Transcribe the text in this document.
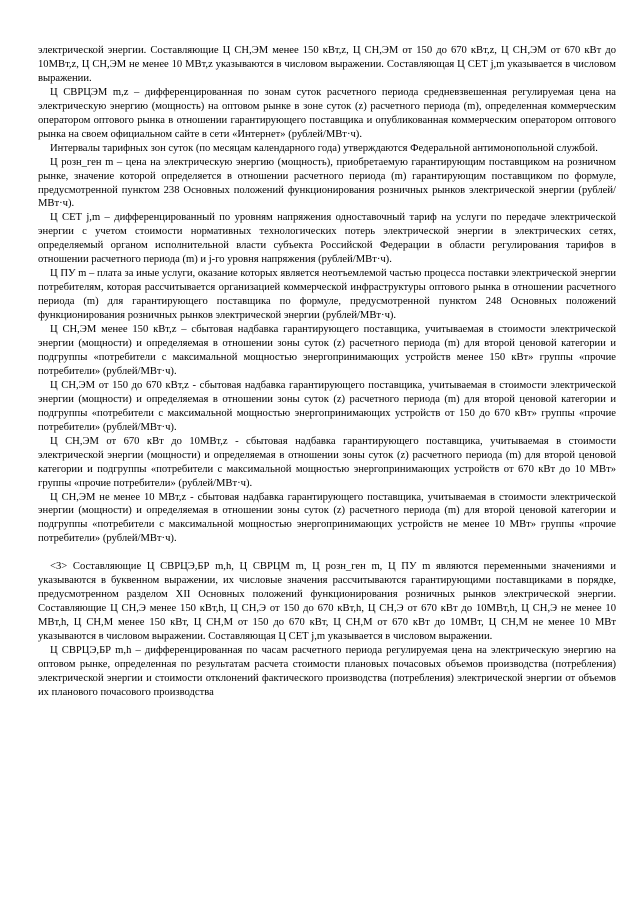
электрической энергии. Составляющие Ц СН,ЭМ менее 150 кВт,z, Ц СН,ЭМ от 150 до 670 кВт,z, Ц СН,ЭМ от 670 кВт до 10МВт,z, Ц СН,ЭМ не менее 10 МВт,z указываются в числовом выражении. Составляющая Ц СЕТ j,m указывается в числовом выражении.

Ц СВРЦЭМ m,z – дифференцированная по зонам суток расчетного периода средневзвешенная регулируемая цена на электрическую энергию (мощность) на оптовом рынке в зоне суток (z) расчетного периода (m), определенная коммерческим оператором оптового рынка в отношении гарантирующего поставщика и опубликованная коммерческим оператором оптового рынка на своем официальном сайте в сети «Интернет» (рублей/МВт·ч).

Интервалы тарифных зон суток (по месяцам календарного года) утверждаются Федеральной антимонопольной службой.

Ц розн_ген m – цена на электрическую энергию (мощность), приобретаемую гарантирующим поставщиком на розничном рынке, значение которой определяется в отношении расчетного периода (m) гарантирующим поставщиком по формуле, предусмотренной пунктом 238 Основных положений функционирования розничных рынков электрической энергии (рублей/МВт·ч).

Ц СЕТ j,m – дифференцированный по уровням напряжения одноставочный тариф на услуги по передаче электрической энергии с учетом стоимости нормативных технологических потерь электрической энергии в электрических сетях, определяемый органом исполнительной власти субъекта Российской Федерации в области регулирования тарифов в отношении расчетного периода (m) и j-го уровня напряжения (рублей/МВт·ч).

Ц ПУ m – плата за иные услуги, оказание которых является неотъемлемой частью процесса поставки электрической энергии потребителям, которая рассчитывается организацией коммерческой инфраструктуры оптового рынка в отношении расчетного периода (m) для гарантирующего поставщика по формуле, предусмотренной пунктом 248 Основных положений функционирования розничных рынков электрической энергии (рублей/МВт·ч).

Ц СН,ЭМ менее 150 кВт,z – сбытовая надбавка гарантирующего поставщика, учитываемая в стоимости электрической энергии (мощности) и определяемая в отношении зоны суток (z) расчетного периода (m) для второй ценовой категории и подгруппы «потребители с максимальной мощностью энергопринимающих устройств менее 150 кВт» группы «прочие потребители» (рублей/МВт·ч).

Ц СН,ЭМ от 150 до 670 кВт,z - сбытовая надбавка гарантирующего поставщика, учитываемая в стоимости электрической энергии (мощности) и определяемая в отношении зоны суток (z) расчетного периода (m) для второй ценовой категории и подгруппы «потребители с максимальной мощностью энергопринимающих устройств от 150 до 670 кВт» группы «прочие потребители» (рублей/МВт·ч).

Ц СН,ЭМ от 670 кВт до 10МВт,z - сбытовая надбавка гарантирующего поставщика, учитываемая в стоимости электрической энергии (мощности) и определяемая в отношении зоны суток (z) расчетного периода (m) для второй ценовой категории и подгруппы «потребители с максимальной мощностью энергопринимающих устройств от 670 кВт до 10 МВт» группы «прочие потребители» (рублей/МВт·ч).

Ц СН,ЭМ не менее 10 МВт,z - сбытовая надбавка гарантирующего поставщика, учитываемая в стоимости электрической энергии (мощности) и определяемая в отношении зоны суток (z) расчетного периода (m) для второй ценовой категории и подгруппы «потребители с максимальной мощностью энергопринимающих устройств не менее 10 МВт» группы «прочие потребители» (рублей/МВт·ч).

<3> Составляющие Ц СВРЦЭ,БР m,h, Ц СВРЦМ m, Ц розн_ген m, Ц ПУ m являются переменными значениями и указываются в буквенном выражении, их числовые значения рассчитываются гарантирующими поставщиками в порядке, предусмотренном разделом XII Основных положений функционирования розничных рынков электрической энергии. Составляющие Ц СН,Э менее 150 кВт,h, Ц СН,Э от 150 до 670 кВт,h, Ц СН,Э от 670 кВт до 10МВт,h, Ц СН,Э не менее 10 МВт,h, Ц СН,М менее 150 кВт, Ц СН,М от 150 до 670 кВт, Ц СН,М от 670 кВт до 10МВт, Ц СН,М не менее 10 МВт указываются в числовом выражении. Составляющая Ц СЕТ j,m указывается в числовом выражении.

Ц СВРЦЭ,БР m,h – дифференцированная по часам расчетного периода регулируемая цена на электрическую энергию на оптовом рынке, определенная по результатам расчета стоимости плановых почасовых объемов производства (потребления) электрической энергии и стоимости отклонений фактического производства (потребления) электрической энергии от объемов их планового почасового производства
